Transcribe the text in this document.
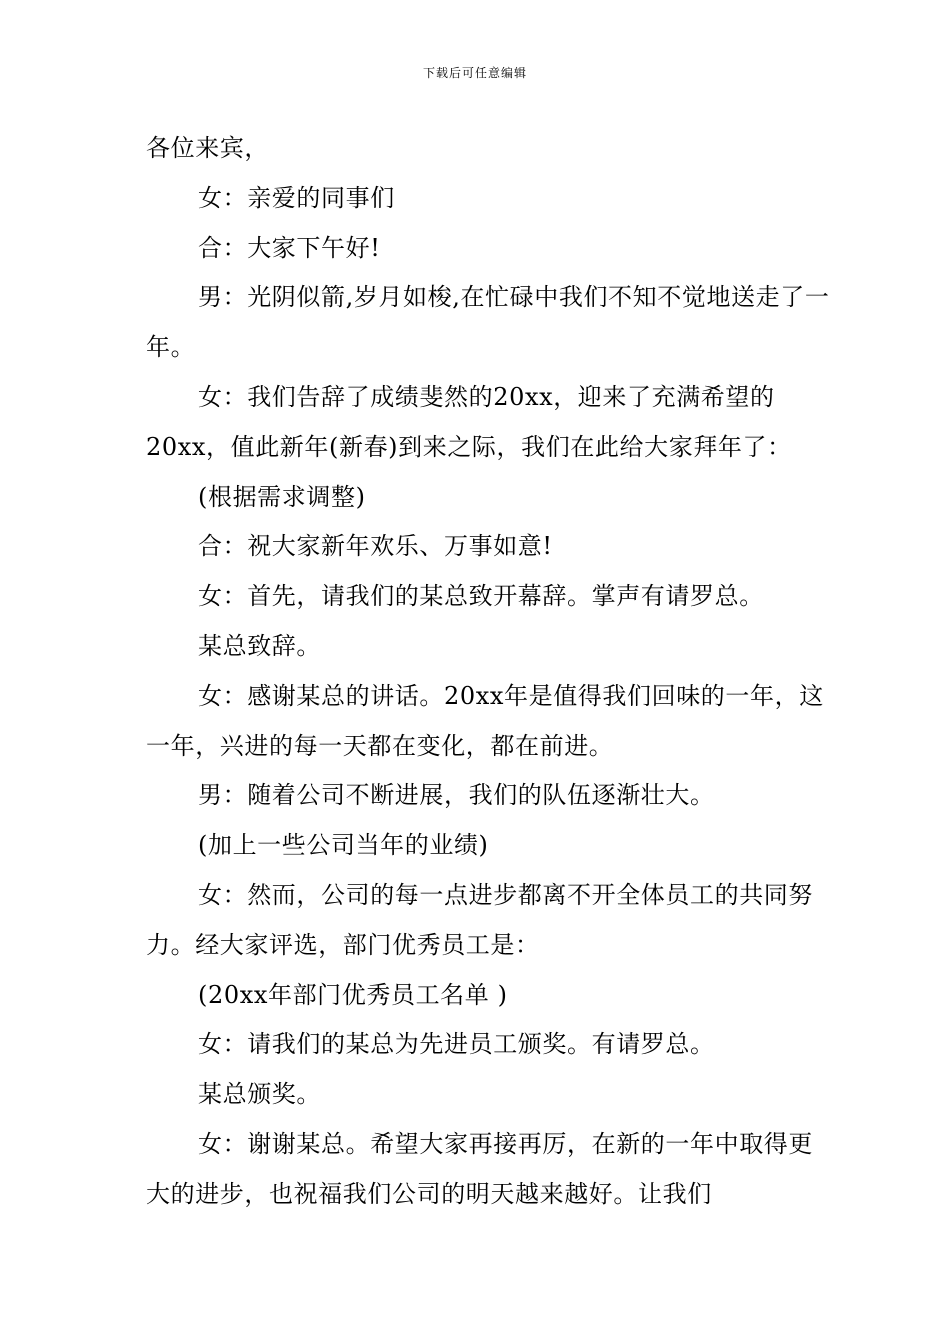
下载后可任意编辑

各位来宾，

女：亲爱的同事们

合：大家下午好!

男：光阴似箭,岁月如梭,在忙碌中我们不知不觉地送走了一年。

女：我们告辞了成绩斐然的20xx，迎来了充满希望的20xx，值此新年(新春)到来之际，我们在此给大家拜年了：

(根据需求调整)

合：祝大家新年欢乐、万事如意!

女：首先，请我们的某总致开幕辞。掌声有请罗总。

某总致辞。

女：感谢某总的讲话。20xx年是值得我们回味的一年，这一年，兴进的每一天都在变化，都在前进。

男：随着公司不断进展，我们的队伍逐渐壮大。

(加上一些公司当年的业绩)

女：然而，公司的每一点进步都离不开全体员工的共同努力。经大家评选，部门优秀员工是：

(20xx年部门优秀员工名单 )

女：请我们的某总为先进员工颁奖。有请罗总。

某总颁奖。

女：谢谢某总。希望大家再接再厉，在新的一年中取得更大的进步，也祝福我们公司的明天越来越好。让我们
